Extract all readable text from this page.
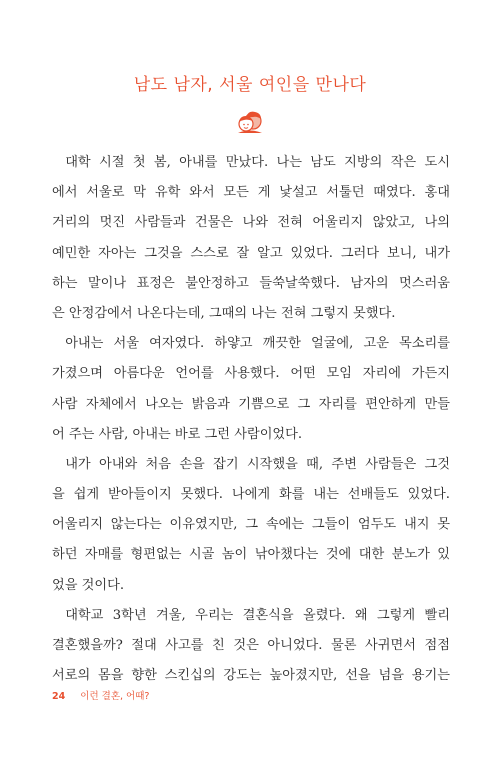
남도 남자, 서울 여인을 만나다
대학 시절 첫 봄, 아내를 만났다. 나는 남도 지방의 작은 도시
에서 서울로 막 유학 와서 모든 게 낯설고 서툴던 때였다. 홍대
거리의 멋진 사람들과 건물은 나와 전혀 어울리지 않았고, 나의
예민한 자아는 그것을 스스로 잘 알고 있었다. 그러다 보니, 내가
하는 말이나 표정은 불안정하고 들쑥날쑥했다. 남자의 멋스러움
은 안정감에서 나온다는데, 그때의 나는 전혀 그렇지 못했다.
아내는 서울 여자였다. 하얗고 깨끗한 얼굴에, 고운 목소리를
가졌으며 아름다운 언어를 사용했다. 어떤 모임 자리에 가든지
사람 자체에서 나오는 밝음과 기쁨으로 그 자리를 편안하게 만들
어 주는 사람, 아내는 바로 그런 사람이었다.
내가 아내와 처음 손을 잡기 시작했을 때, 주변 사람들은 그것
을 쉽게 받아들이지 못했다. 나에게 화를 내는 선배들도 있었다.
어울리지 않는다는 이유였지만, 그 속에는 그들이 엄두도 내지 못
하던 자매를 형편없는 시골 놈이 낚아챘다는 것에 대한 분노가 있
었을 것이다.
대학교 3학년 겨울, 우리는 결혼식을 올렸다. 왜 그렇게 빨리
결혼했을까? 절대 사고를 친 것은 아니었다. 물론 사귀면서 점점
서로의 몸을 향한 스킨십의 강도는 높아졌지만, 선을 넘을 용기는
24 이런 결혼, 어때?
